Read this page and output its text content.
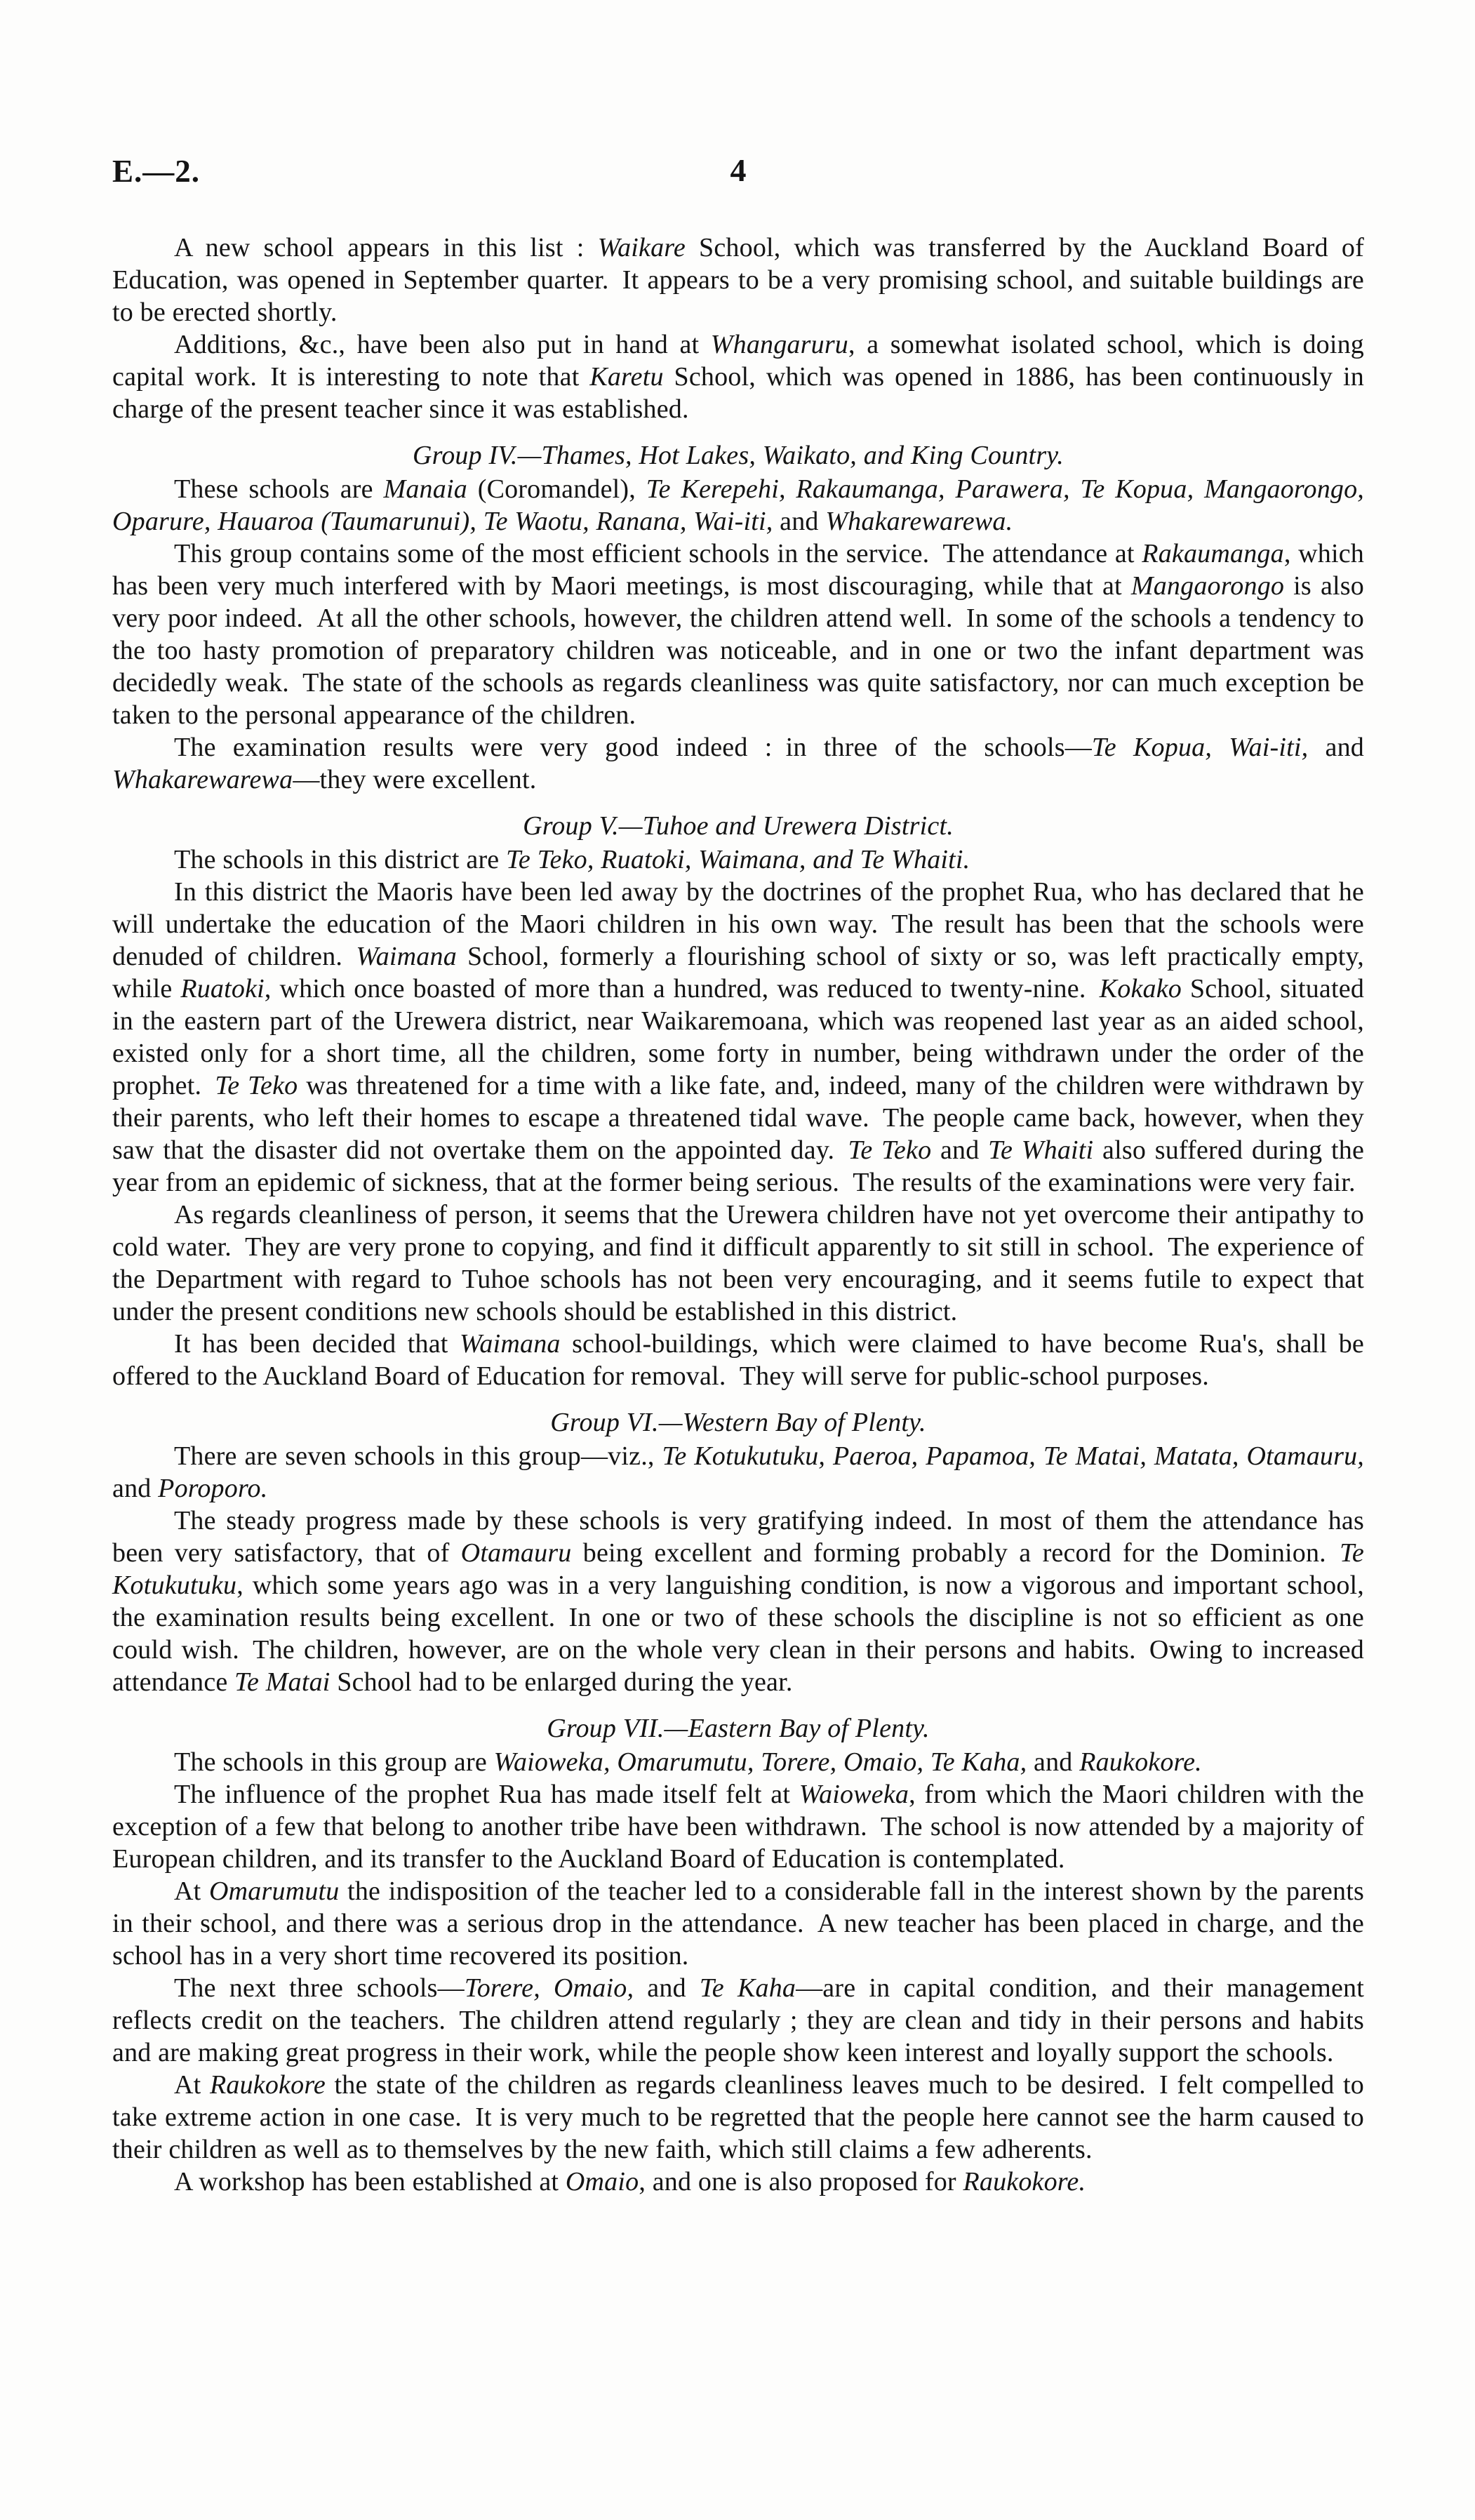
E.—2.	4

A new school appears in this list : Waikare School, which was transferred by the Auckland Board of Education, was opened in September quarter. It appears to be a very promising school, and suitable buildings are to be erected shortly.

Additions, &c., have been also put in hand at Whangaruru, a somewhat isolated school, which is doing capital work. It is interesting to note that Karetu School, which was opened in 1886, has been continuously in charge of the present teacher since it was established.

Group IV.—Thames, Hot Lakes, Waikato, and King Country.

These schools are Manaia (Coromandel), Te Kerepehi, Rakaumanga, Parawera, Te Kopua, Mangaorongo, Oparure, Hauaroa (Taumarunui), Te Waotu, Ranana, Wai-iti, and Whakarewarewa.

This group contains some of the most efficient schools in the service. The attendance at Rakaumanga, which has been very much interfered with by Maori meetings, is most discouraging, while that at Mangaorongo is also very poor indeed. At all the other schools, however, the children attend well. In some of the schools a tendency to the too hasty promotion of preparatory children was noticeable, and in one or two the infant department was decidedly weak. The state of the schools as regards cleanliness was quite satisfactory, nor can much exception be taken to the personal appearance of the children.

The examination results were very good indeed : in three of the schools—Te Kopua, Wai-iti, and Whakarewarewa—they were excellent.

Group V.—Tuhoe and Urewera District.

The schools in this district are Te Teko, Ruatoki, Waimana, and Te Whaiti.

In this district the Maoris have been led away by the doctrines of the prophet Rua, who has declared that he will undertake the education of the Maori children in his own way. The result has been that the schools were denuded of children. Waimana School, formerly a flourishing school of sixty or so, was left practically empty, while Ruatoki, which once boasted of more than a hundred, was reduced to twenty-nine. Kokako School, situated in the eastern part of the Urewera district, near Waikaremoana, which was reopened last year as an aided school, existed only for a short time, all the children, some forty in number, being withdrawn under the order of the prophet. Te Teko was threatened for a time with a like fate, and, indeed, many of the children were withdrawn by their parents, who left their homes to escape a threatened tidal wave. The people came back, however, when they saw that the disaster did not overtake them on the appointed day. Te Teko and Te Whaiti also suffered during the year from an epidemic of sickness, that at the former being serious. The results of the examinations were very fair.

As regards cleanliness of person, it seems that the Urewera children have not yet overcome their antipathy to cold water. They are very prone to copying, and find it difficult apparently to sit still in school. The experience of the Department with regard to Tuhoe schools has not been very encouraging, and it seems futile to expect that under the present conditions new schools should be established in this district.

It has been decided that Waimana school-buildings, which were claimed to have become Rua's, shall be offered to the Auckland Board of Education for removal. They will serve for public-school purposes.

Group VI.—Western Bay of Plenty.

There are seven schools in this group—viz., Te Kotukutuku, Paeroa, Papamoa, Te Matai, Matata, Otamauru, and Poroporo.

The steady progress made by these schools is very gratifying indeed. In most of them the attendance has been very satisfactory, that of Otamauru being excellent and forming probably a record for the Dominion. Te Kotukutuku, which some years ago was in a very languishing condition, is now a vigorous and important school, the examination results being excellent. In one or two of these schools the discipline is not so efficient as one could wish. The children, however, are on the whole very clean in their persons and habits. Owing to increased attendance Te Matai School had to be enlarged during the year.

Group VII.—Eastern Bay of Plenty.

The schools in this group are Waioweka, Omarumutu, Torere, Omaio, Te Kaha, and Raukokore.

The influence of the prophet Rua has made itself felt at Waioweka, from which the Maori children with the exception of a few that belong to another tribe have been withdrawn. The school is now attended by a majority of European children, and its transfer to the Auckland Board of Education is contemplated.

At Omarumutu the indisposition of the teacher led to a considerable fall in the interest shown by the parents in their school, and there was a serious drop in the attendance. A new teacher has been placed in charge, and the school has in a very short time recovered its position.

The next three schools—Torere, Omaio, and Te Kaha—are in capital condition, and their management reflects credit on the teachers. The children attend regularly ; they are clean and tidy in their persons and habits and are making great progress in their work, while the people show keen interest and loyally support the schools.

At Raukokore the state of the children as regards cleanliness leaves much to be desired. I felt compelled to take extreme action in one case. It is very much to be regretted that the people here cannot see the harm caused to their children as well as to themselves by the new faith, which still claims a few adherents.

A workshop has been established at Omaio, and one is also proposed for Raukokore.
